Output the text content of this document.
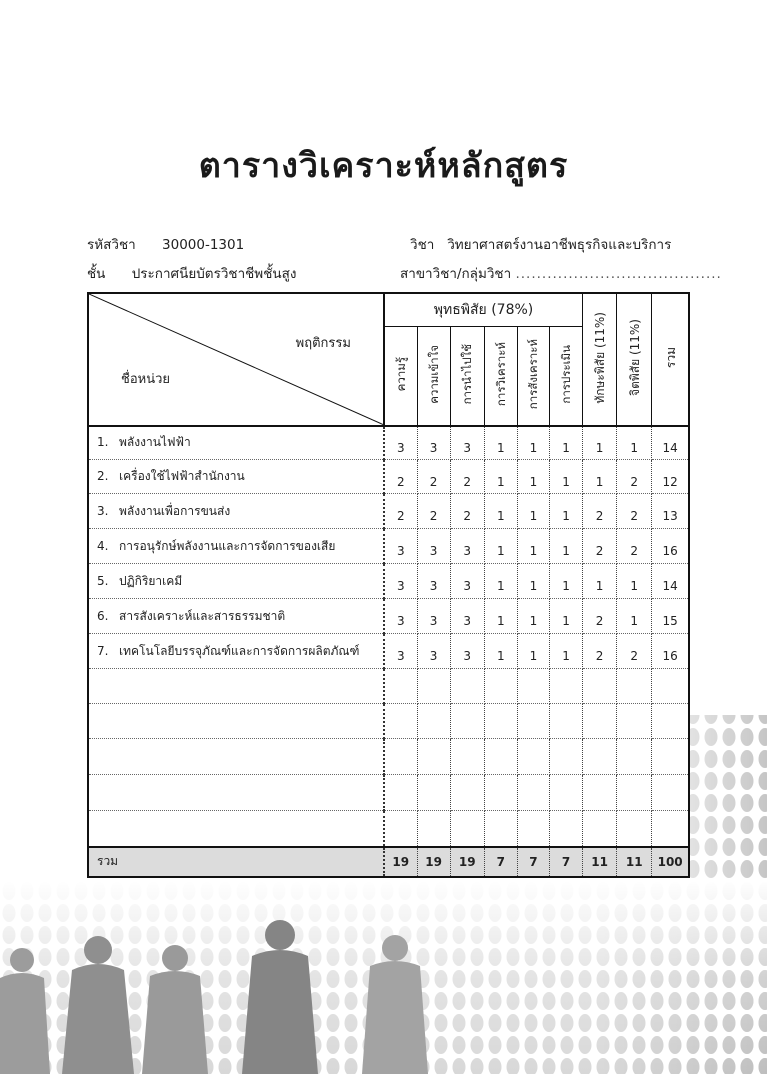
ตารางวิเคราะห์หลักสูตร
รหัสวิชา 30000-1301	วิชา วิทยาศาสตร์งานอาชีพธุรกิจและบริการ
ชั้น ประกาศนียบัตรวิชาชีพชั้นสูง	สาขาวิชา/กลุ่มวิชา .......................................
พฤติกรรม
ชื่อหน่วย	พุทธพิสัย (78%)						ทักษะพิสัย (11%)	จิตพิสัย (11%)	รวม
	ความรู้	ความเข้าใจ	การนำไปใช้	การวิเคราะห์	การสังเคราะห์	การประเมิน			
1. พลังงานไฟฟ้า	3	3	3	1	1	1	1	1	14
2. เครื่องใช้ไฟฟ้าสำนักงาน	2	2	2	1	1	1	1	2	12
3. พลังงานเพื่อการขนส่ง	2	2	2	1	1	1	2	2	13
4. การอนุรักษ์พลังงานและการจัดการของเสีย	3	3	3	1	1	1	2	2	16
5. ปฏิกิริยาเคมี	3	3	3	1	1	1	1	1	14
6. สารสังเคราะห์และสารธรรมชาติ	3	3	3	1	1	1	2	1	15
7. เทคโนโลยีบรรจุภัณฑ์และการจัดการผลิตภัณฑ์	3	3	3	1	1	1	2	2	16

รวม	19	19	19	7	7	7	11	11	100
